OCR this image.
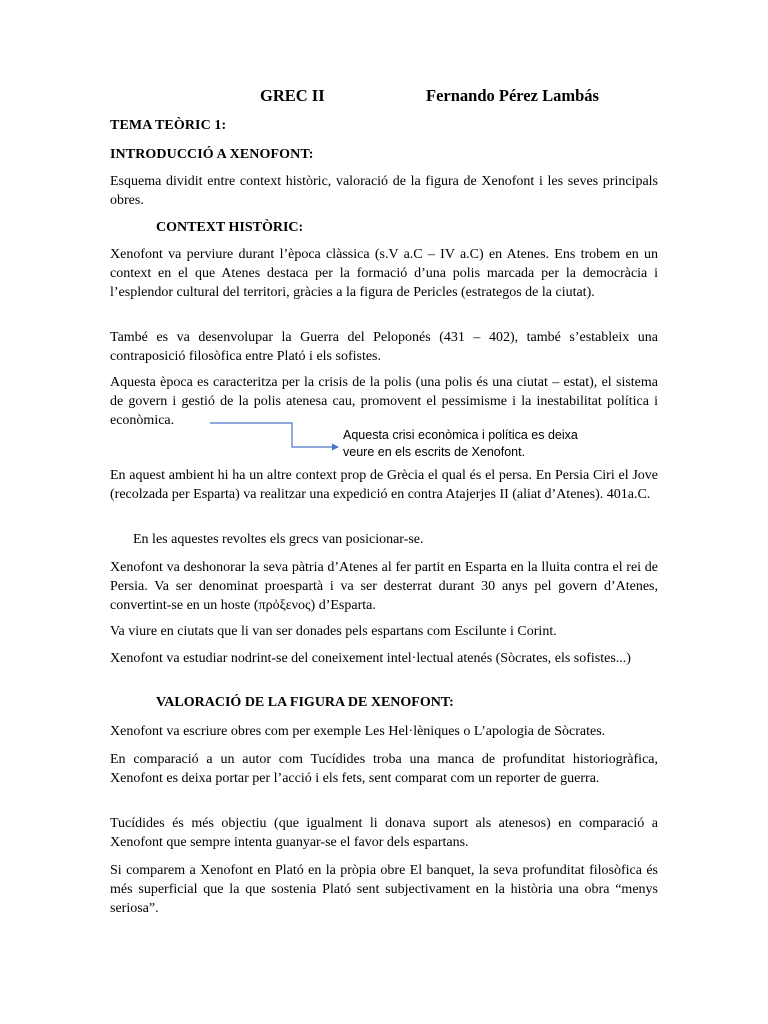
GREC II	Fernando Pérez Lambás
TEMA TEÒRIC 1:
INTRODUCCIÓ A XENOFONT:
Esquema dividit entre context històric, valoració de la figura de Xenofont i les seves principals obres.
CONTEXT HISTÒRIC:
Xenofont va perviure durant l’època clàssica (s.V a.C – IV a.C) en Atenes. Ens trobem en un context en el que Atenes destaca per la formació d’una polis marcada per la democràcia i l’esplendor cultural del territori, gràcies a la figura de Pericles (estrategos de la ciutat).
També es va desenvolupar la Guerra del Peloponés (431 – 402), també s’estableix una contraposició filosòfica entre Plató i els sofistes.
Aquesta època es caracteritza per la crisis de la polis (una polis és una ciutat – estat), el sistema de govern i gestió de la polis atenesa cau, promovent el pessimisme i la inestabilitat política i econòmica.
Aquesta crisi econòmica i política es deixa veure en els escrits de Xenofont.
En aquest ambient hi ha un altre context prop de Grècia el qual és el persa. En Persia Ciri el Jove (recolzada per Esparta) va realitzar una expedició en contra Atajerjes II (aliat d’Atenes). 401a.C.
En les aquestes revoltes els grecs van posicionar-se.
Xenofont va deshonorar la seva pàtria d’Atenes al fer partit en Esparta en la lluita contra el rei de Persia. Va ser denominat proespartà i va ser desterrat durant 30 anys pel govern d’Atenes, convertint-se en un hoste (πρὀξενος) d’Esparta.
Va viure en ciutats que li van ser donades pels espartans com Escilunte i Corint.
Xenofont va estudiar nodrint-se del coneixement intel·lectual atenés (Sòcrates, els sofistes...)
VALORACIÓ DE LA FIGURA DE XENOFONT:
Xenofont va escriure obres com per exemple Les Hel·lèniques o L’apologia de Sòcrates.
En comparació a un autor com Tucídides troba una manca de profunditat historiogràfica, Xenofont es deixa portar per l’acció i els fets, sent comparat com un reporter de guerra.
Tucídides és més objectiu (que igualment li donava suport als atenesos) en comparació a Xenofont que sempre intenta guanyar-se el favor dels espartans.
Si comparem a Xenofont en Plató en la pròpia obre El banquet, la seva profunditat filosòfica és més superficial que la que sostenia Plató sent subjectivament en la història una obra “menys seriosa”.
